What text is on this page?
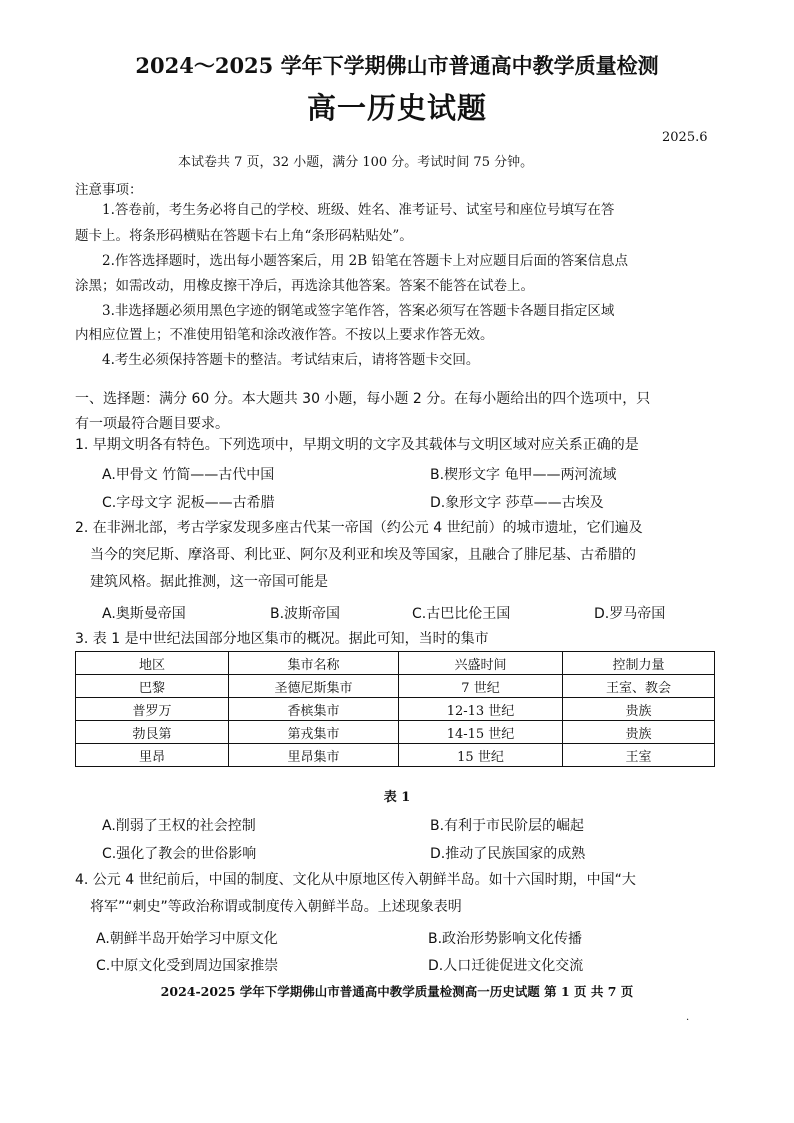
2024～2025 学年下学期佛山市普通高中教学质量检测
高一历史试题
2025.6
本试卷共 7 页，32 小题，满分 100 分。考试时间 75 分钟。
注意事项：
1.答卷前，考生务必将自己的学校、班级、姓名、准考证号、试室号和座位号填写在答
题卡上。将条形码横贴在答题卡右上角“条形码粘贴处”。
2.作答选择题时，选出每小题答案后，用 2B 铅笔在答题卡上对应题目后面的答案信息点
涂黑；如需改动，用橡皮擦干净后，再选涂其他答案。答案不能答在试卷上。
3.非选择题必须用黑色字迹的钢笔或签字笔作答，答案必须写在答题卡各题目指定区域
内相应位置上；不准使用铅笔和涂改液作答。不按以上要求作答无效。
4.考生必须保持答题卡的整洁。考试结束后，请将答题卡交回。
一、选择题：满分 60 分。本大题共 30 小题，每小题 2 分。在每小题给出的四个选项中，只
有一项最符合题目要求。
1. 早期文明各有特色。下列选项中，早期文明的文字及其载体与文明区域对应关系正确的是
A.甲骨文 竹简——古代中国	B.楔形文字 龟甲——两河流域
C.字母文字 泥板——古希腊	D.象形文字 莎草——古埃及
2. 在非洲北部，考古学家发现多座古代某一帝国（约公元 4 世纪前）的城市遗址，它们遍及
当今的突尼斯、摩洛哥、利比亚、阿尔及利亚和埃及等国家，且融合了腓尼基、古希腊的
建筑风格。据此推测，这一帝国可能是
A.奥斯曼帝国	B.波斯帝国	C.古巴比伦王国	D.罗马帝国
3. 表 1 是中世纪法国部分地区集市的概况。据此可知，当时的集市
地区	集市名称	兴盛时间	控制力量
巴黎	圣德尼斯集市	7 世纪	王室、教会
普罗万	香槟集市	12-13 世纪	贵族
勃艮第	第戎集市	14-15 世纪	贵族
里昂	里昂集市	15 世纪	王室
表 1
A.削弱了王权的社会控制	B.有利于市民阶层的崛起
C.强化了教会的世俗影响	D.推动了民族国家的成熟
4. 公元 4 世纪前后，中国的制度、文化从中原地区传入朝鲜半岛。如十六国时期，中国“大
将军”“刺史”等政治称谓或制度传入朝鲜半岛。上述现象表明
A.朝鲜半岛开始学习中原文化	B.政治形势影响文化传播
C.中原文化受到周边国家推崇	D.人口迁徙促进文化交流
2024-2025 学年下学期佛山市普通高中教学质量检测高一历史试题 第 1 页 共 7 页
.
